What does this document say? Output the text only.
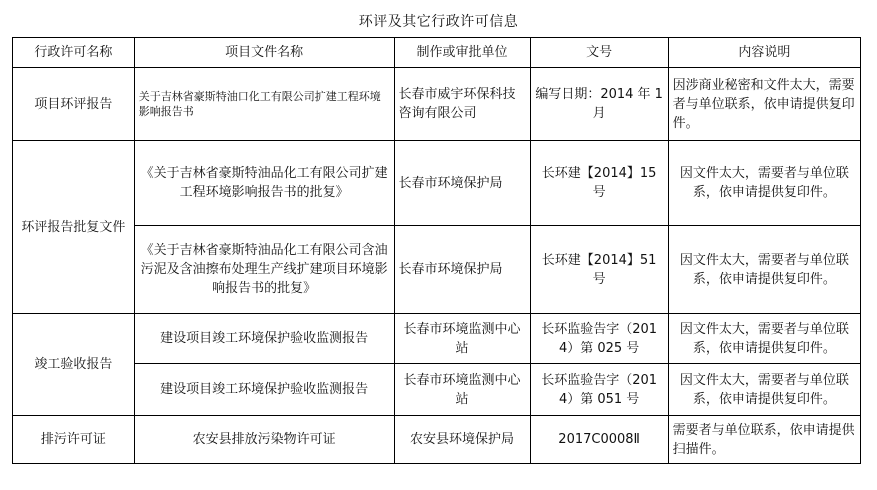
环评及其它行政许可信息
行政许可名称	项目文件名称	制作或审批单位	文号	内容说明
项目环评报告	关于吉林省豪斯特油口化工有限公司扩建工程环境影响报告书	长春市威宇环保科技咨询有限公司	编写日期：2014 年 1 月	因涉商业秘密和文件太大，需要者与单位联系，依申请提供复印件。
环评报告批复文件	《关于吉林省豪斯特油品化工有限公司扩建工程环境影响报告书的批复》	长春市环境保护局	长环建【2014】15 号	因文件太大，需要者与单位联系，依申请提供复印件。
	《关于吉林省豪斯特油品化工有限公司含油污泥及含油擦布处理生产线扩建项目环境影响报告书的批复》	长春市环境保护局	长环建【2014】51 号	因文件太大，需要者与单位联系，依申请提供复印件。
竣工验收报告	建设项目竣工环境保护验收监测报告	长春市环境监测中心站	长环监验告字（2014）第 025 号	因文件太大，需要者与单位联系，依申请提供复印件。
	建设项目竣工环境保护验收监测报告	长春市环境监测中心站	长环监验告字（2014）第 051 号	因文件太大，需要者与单位联系，依申请提供复印件。
排污许可证	农安县排放污染物许可证	农安县环境保护局	2017C0008Ⅱ	需要者与单位联系，依申请提供扫描件。
